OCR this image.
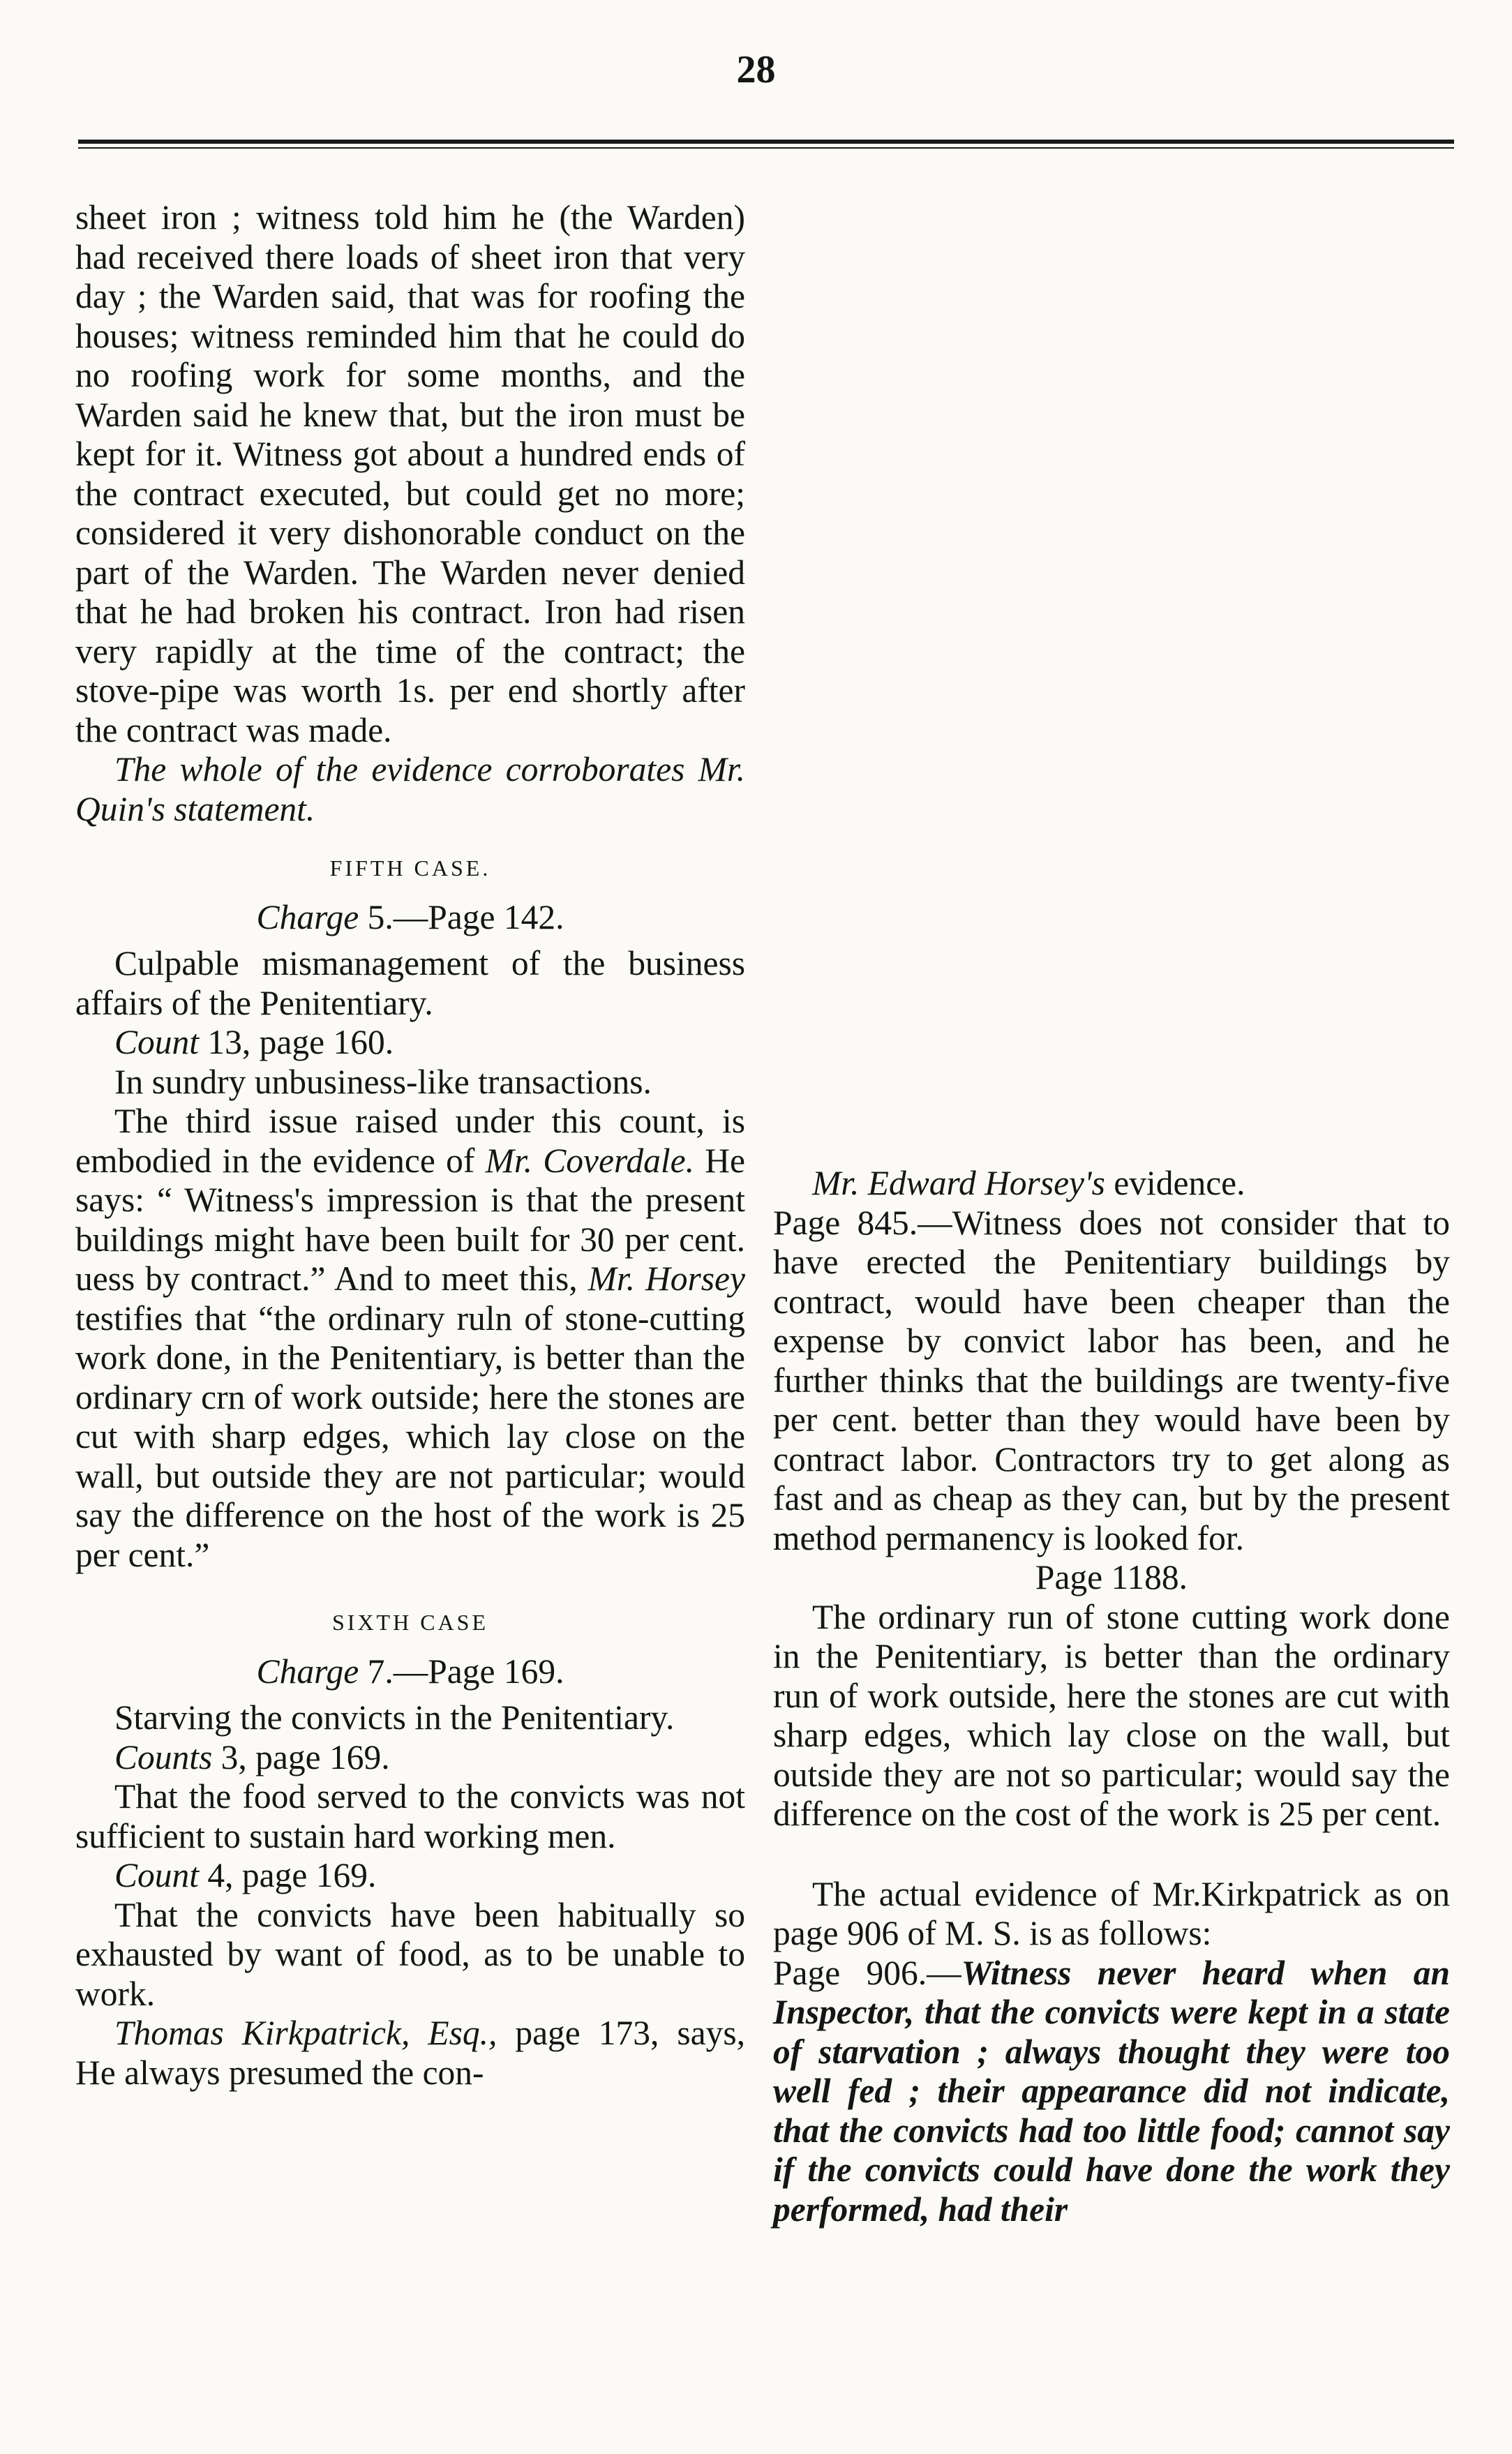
28

sheet iron ; witness told him he (the Warden) had received there loads of sheet iron that very day ; the Warden said, that was for roofing the houses; witness reminded him that he could do no roofing work for some months, and the Warden said he knew that, but the iron must be kept for it. Witness got about a hundred ends of the contract executed, but could get no more; considered it very dishonorable conduct on the part of the Warden. The Warden never denied that he had broken his contract. Iron had risen very rapidly at the time of the contract; the stove-pipe was worth 1s. per end shortly after the contract was made.

The whole of the evidence corroborates Mr. Quin's statement.

FIFTH CASE.

Charge 5.—Page 142.

Culpable mismanagement of the business affairs of the Penitentiary.

Count 13, page 160.

In sundry unbusiness-like transactions.

The third issue raised under this count, is embodied in the evidence of Mr. Coverdale. He says: “ Witness's impression is that the present buildings might have been built for 30 per cent. uess by contract.” And to meet this, Mr. Horsey testifies that “the ordinary ruln of stone-cutting work done, in the Penitentiary, is better than the ordinary crn of work outside; here the stones are cut with sharp edges, which lay close on the wall, but outside they are not particular; would say the difference on the host of the work is 25 per cent.”

SIXTH CASE

Charge 7.—Page 169.

Starving the convicts in the Penitentiary.

Counts 3, page 169.

That the food served to the convicts was not sufficient to sustain hard working men.

Count 4, page 169.

That the convicts have been habitually so exhausted by want of food, as to be unable to work.

Thomas Kirkpatrick, Esq., page 173, says, He always presumed the con-

Mr. Edward Horsey's evidence.

Page 845.—Witness does not consider that to have erected the Penitentiary buildings by contract, would have been cheaper than the expense by convict labor has been, and he further thinks that the buildings are twenty-five per cent. better than they would have been by contract labor. Contractors try to get along as fast and as cheap as they can, but by the present method permanency is looked for.

Page 1188.

The ordinary run of stone cutting work done in the Penitentiary, is better than the ordinary run of work outside, here the stones are cut with sharp edges, which lay close on the wall, but outside they are not so particular; would say the difference on the cost of the work is 25 per cent.

The actual evidence of Mr.Kirkpatrick as on page 906 of M. S. is as follows:

Page 906.—Witness never heard when an Inspector, that the convicts were kept in a state of starvation ; always thought they were too well fed ; their appearance did not indicate, that the convicts had too little food; cannot say if the convicts could have done the work they performed, had their
